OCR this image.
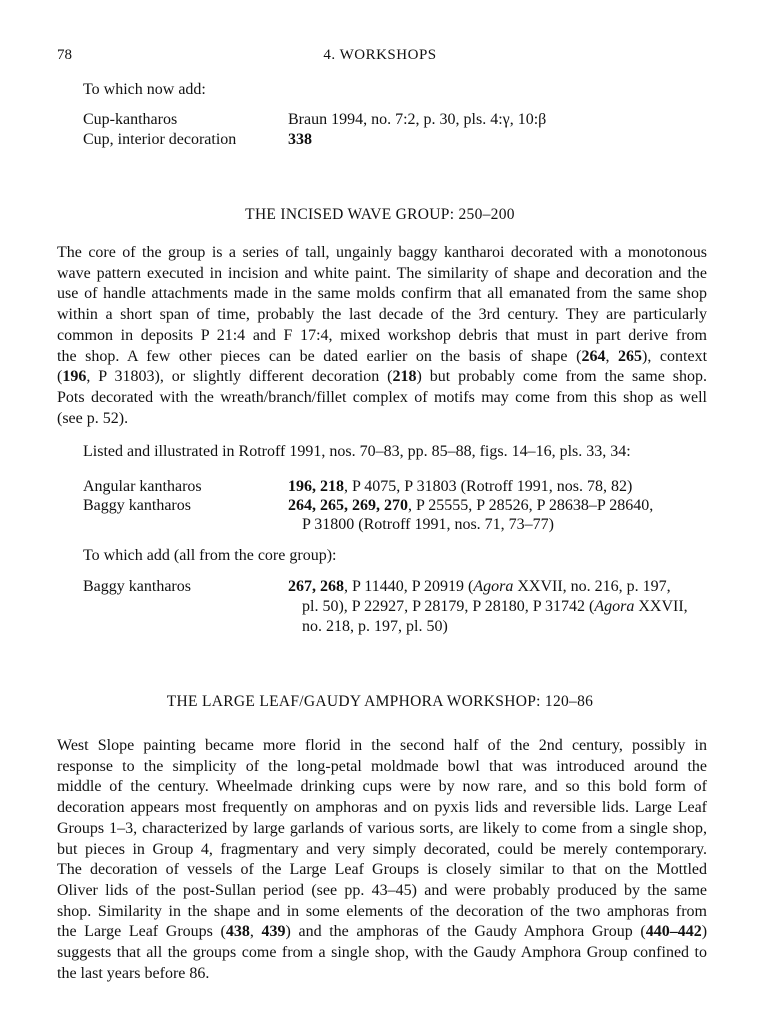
78	4. WORKSHOPS
To which now add:
Cup-kantharos	Braun 1994, no. 7:2, p. 30, pls. 4:γ, 10:β
Cup, interior decoration	338
THE INCISED WAVE GROUP: 250–200
The core of the group is a series of tall, ungainly baggy kantharoi decorated with a monotonous
wave pattern executed in incision and white paint. The similarity of shape and decoration and the
use of handle attachments made in the same molds confirm that all emanated from the same shop
within a short span of time, probably the last decade of the 3rd century. They are particularly
common in deposits P 21:4 and F 17:4, mixed workshop debris that must in part derive from
the shop. A few other pieces can be dated earlier on the basis of shape (264, 265), context
(196, P 31803), or slightly different decoration (218) but probably come from the same shop.
Pots decorated with the wreath/branch/fillet complex of motifs may come from this shop as well
(see p. 52).
Listed and illustrated in Rotroff 1991, nos. 70–83, pp. 85–88, figs. 14–16, pls. 33, 34:
Angular kantharos	196, 218, P 4075, P 31803 (Rotroff 1991, nos. 78, 82)
Baggy kantharos	264, 265, 269, 270, P 25555, P 28526, P 28638–P 28640,
P 31800 (Rotroff 1991, nos. 71, 73–77)
To which add (all from the core group):
Baggy kantharos	267, 268, P 11440, P 20919 (Agora XXVII, no. 216, p. 197,
pl. 50), P 22927, P 28179, P 28180, P 31742 (Agora XXVII,
no. 218, p. 197, pl. 50)
THE LARGE LEAF/GAUDY AMPHORA WORKSHOP: 120–86
West Slope painting became more florid in the second half of the 2nd century, possibly in
response to the simplicity of the long-petal moldmade bowl that was introduced around the
middle of the century. Wheelmade drinking cups were by now rare, and so this bold form of
decoration appears most frequently on amphoras and on pyxis lids and reversible lids. Large Leaf
Groups 1–3, characterized by large garlands of various sorts, are likely to come from a single shop,
but pieces in Group 4, fragmentary and very simply decorated, could be merely contemporary.
The decoration of vessels of the Large Leaf Groups is closely similar to that on the Mottled
Oliver lids of the post-Sullan period (see pp. 43–45) and were probably produced by the same
shop. Similarity in the shape and in some elements of the decoration of the two amphoras from
the Large Leaf Groups (438, 439) and the amphoras of the Gaudy Amphora Group (440–442)
suggests that all the groups come from a single shop, with the Gaudy Amphora Group confined to
the last years before 86.
